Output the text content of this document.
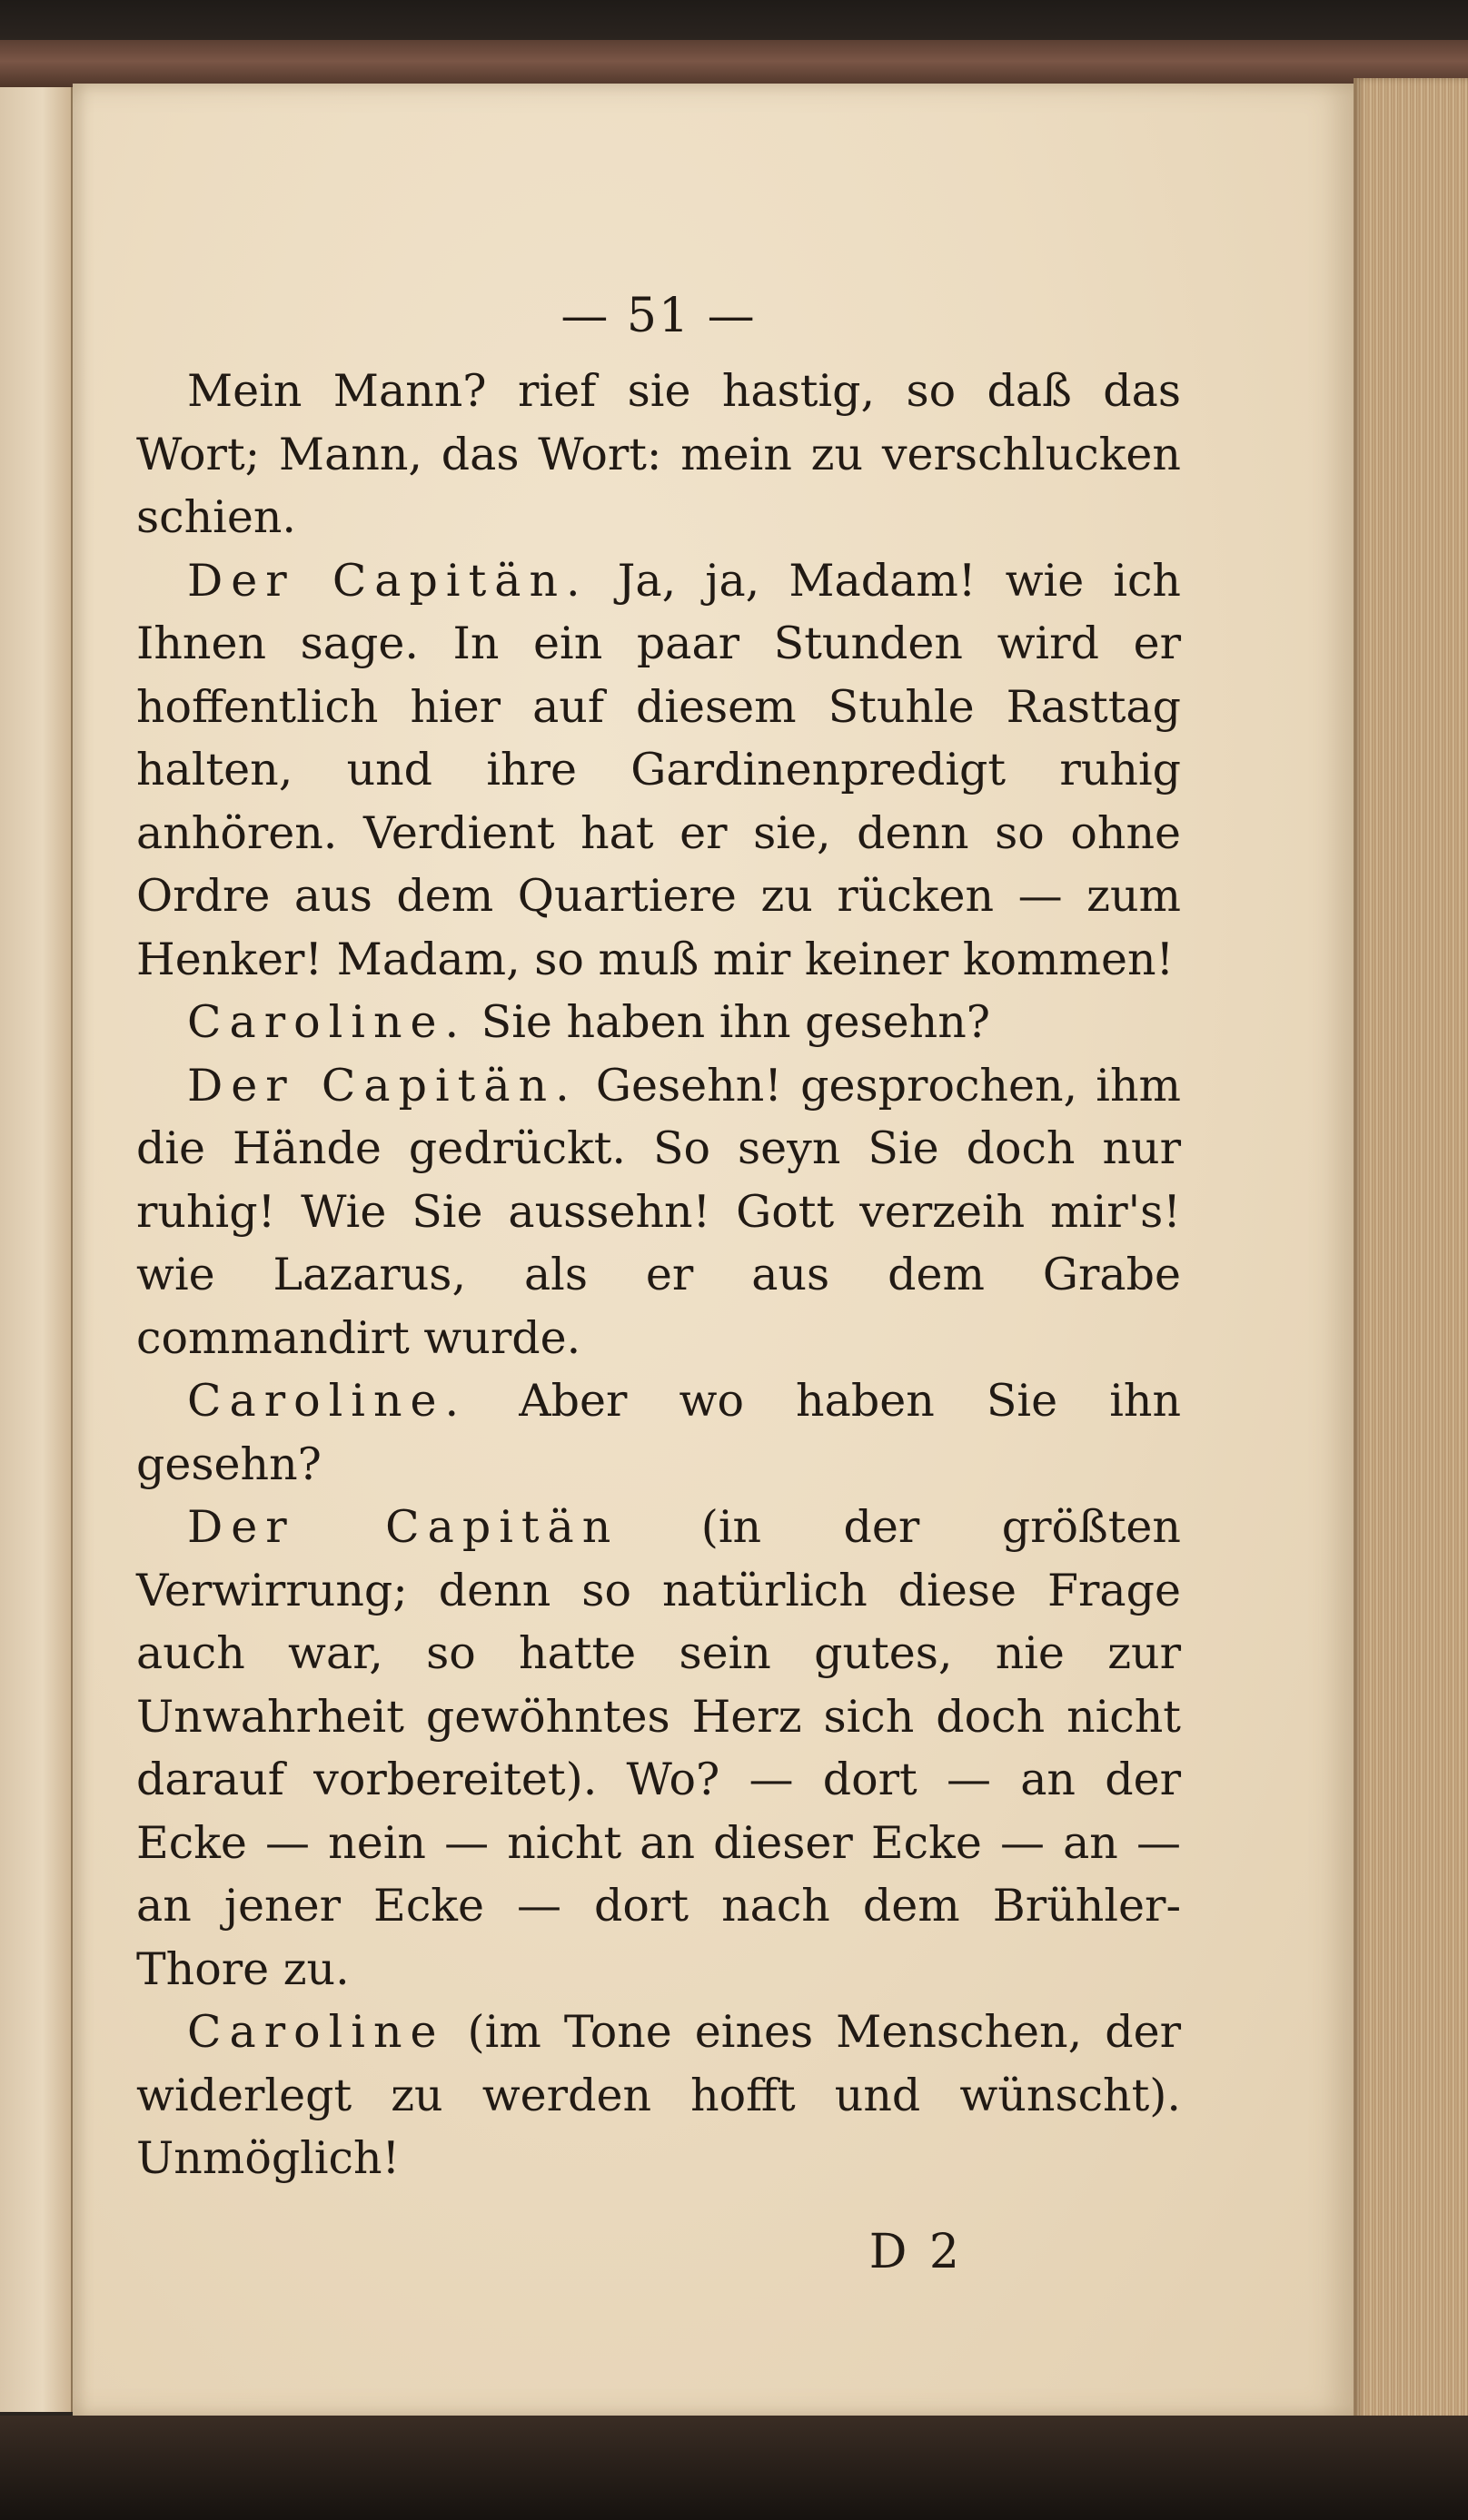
— 51 —

Mein Mann? rief sie hastig, so daß das Wort; Mann, das Wort: mein zu verschlucken schien.

Der Capitän. Ja, ja, Madam! wie ich Ihnen sage. In ein paar Stunden wird er hoffentlich hier auf diesem Stuhle Rasttag halten, und ihre Gardinenpredigt ruhig anhören. Verdient hat er sie, denn so ohne Ordre aus dem Quartiere zu rücken — zum Henker! Madam, so muß mir keiner kommen!

Caroline. Sie haben ihn gesehn?

Der Capitän. Gesehn! gesprochen, ihm die Hände gedrückt. So seyn Sie doch nur ruhig! Wie Sie aussehn! Gott verzeih mir's! wie Lazarus, als er aus dem Grabe commandirt wurde.

Caroline. Aber wo haben Sie ihn gesehn?

Der Capitän (in der größten Verwirrung; denn so natürlich diese Frage auch war, so hatte sein gutes, nie zur Unwahrheit gewöhntes Herz sich doch nicht darauf vorbereitet). Wo? — dort — an der Ecke — nein — nicht an dieser Ecke — an — an jener Ecke — dort nach dem Brühler-Thore zu.

Caroline (im Tone eines Menschen, der widerlegt zu werden hofft und wünscht). Unmöglich!

D 2
